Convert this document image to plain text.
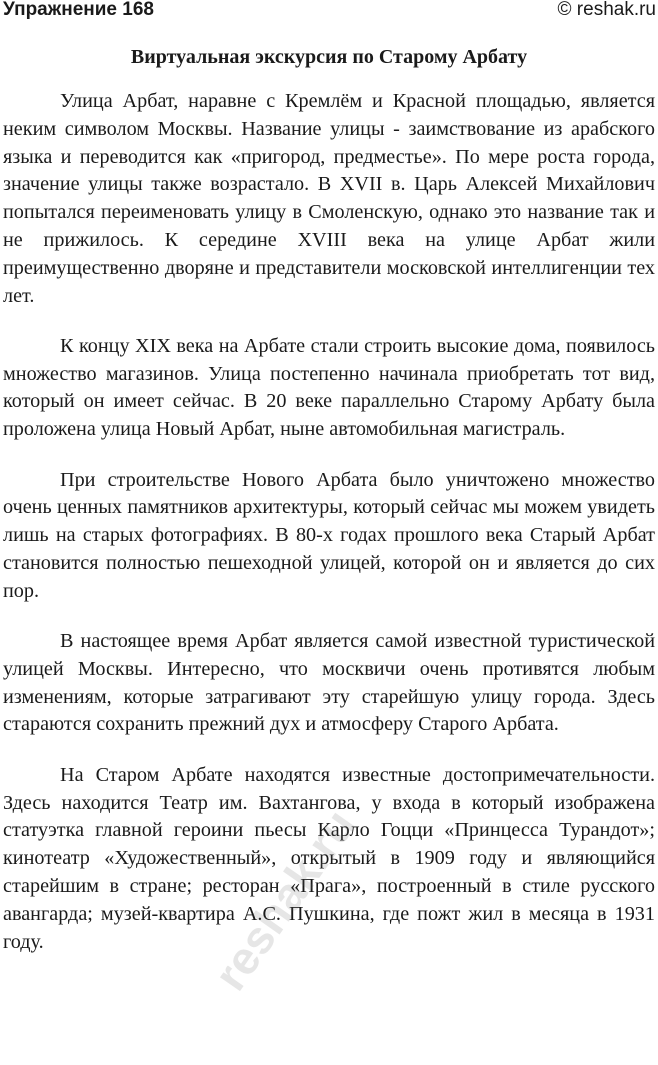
Упражнение 168	© reshak.ru
Виртуальная экскурсия по Старому Арбату

Улица Арбат, наравне с Кремлём и Красной площадью, является неким символом Москвы. Название улицы - заимствование из арабского языка и переводится как «пригород, предместье». По мере роста города, значение улицы также возрастало. В XVII в. Царь Алексей Михайлович попытался переименовать улицу в Смоленскую, однако это название так и не прижилось. К середине XVIII века на улице Арбат жили преимущественно дворяне и представители московской интеллигенции тех лет.

К концу XIX века на Арбате стали строить высокие дома, появилось множество магазинов. Улица постепенно начинала приобретать тот вид, который он имеет сейчас. В 20 веке параллельно Старому Арбату была проложена улица Новый Арбат, ныне автомобильная магистраль.

При строительстве Нового Арбата было уничтожено множество очень ценных памятников архитектуры, который сейчас мы можем увидеть лишь на старых фотографиях. В 80-х годах прошлого века Старый Арбат становится полностью пешеходной улицей, которой он и является до сих пор.

В настоящее время Арбат является самой известной туристической улицей Москвы. Интересно, что москвичи очень противятся любым изменениям, которые затрагивают эту старейшую улицу города. Здесь стараются сохранить прежний дух и атмосферу Старого Арбата.

На Старом Арбате находятся известные достопримечательности. Здесь находится Театр им. Вахтангова, у входа в который изображена статуэтка главной героини пьесы Карло Гоцци «Принцесса Турандот»; кинотеатр «Художественный», открытый в 1909 году и являющийся старейшим в стране; ресторан «Прага», построенный в стиле русского авангарда; музей-квартира А.С. Пушкина, где пожт жил в месяца в 1931 году.	reshak.ru
